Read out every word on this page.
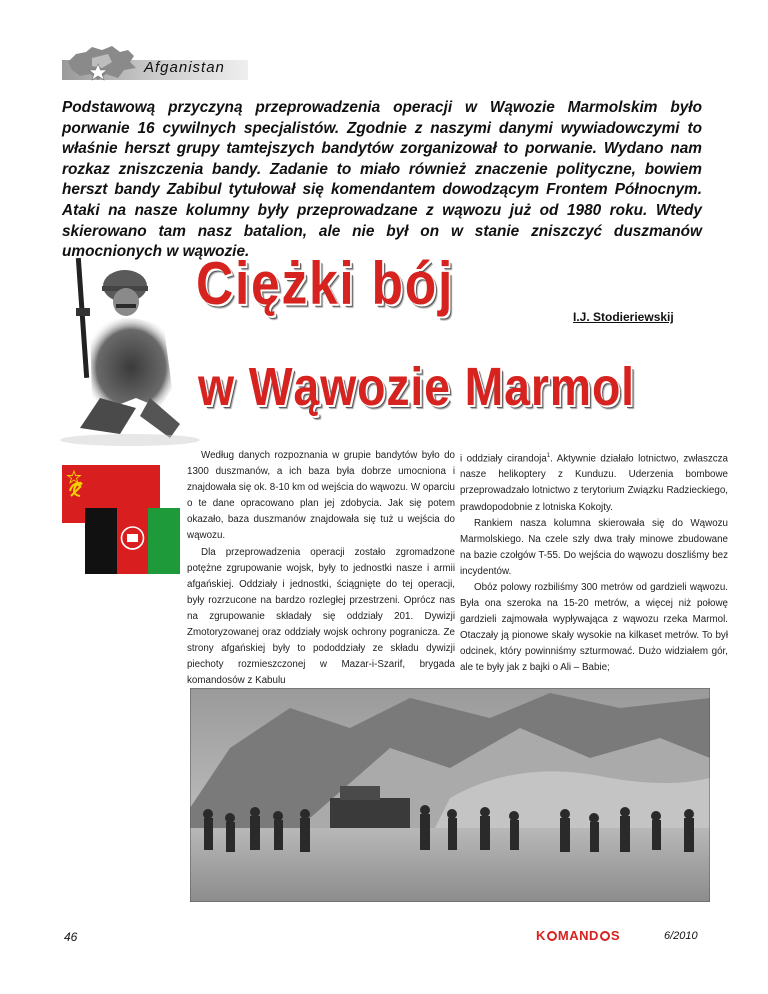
Afganistan
Podstawową przyczyną przeprowadzenia operacji w Wąwozie Marmolskim było porwanie 16 cywilnych specjalistów. Zgodnie z naszymi danymi wywiadowczymi to właśnie herszt grupy tamtejszych bandytów zorganizował to porwanie. Wydano nam rozkaz zniszczenia bandy. Zadanie to miało również znaczenie polityczne, bowiem herszt bandy Zabibul tytułował się komendantem dowodzącym Frontem Północnym. Ataki na nasze kolumny były przeprowadzane z wąwozu już od 1980 roku. Wtedy skierowano tam nasz batalion, ale nie był on w stanie zniszczyć duszmanów umocnionych w wąwozie.
Ciężki bój	I.J. Stodieriewskij
w Wąwozie Marmol

Według danych rozpoznania w grupie bandytów było do 1300 duszmanów, a ich baza była dobrze umocniona i znajdowała się ok. 8-10 km od wejścia do wąwozu. W oparciu o te dane opracowano plan jej zdobycia. Jak się potem okazało, baza duszmanów znajdowała się tuż u wejścia do wąwozu.

Dla przeprowadzenia operacji zostało zgromadzone potężne zgrupowanie wojsk, były to jednostki nasze i armii afgańskiej. Oddziały i jednostki, ściągnięte do tej operacji, były rozrzucone na bardzo rozległej przestrzeni. Oprócz nas na zgrupowanie składały się oddziały 201. Dywizji Zmotoryzowanej oraz oddziały wojsk ochrony pogranicza. Ze strony afgańskiej były to pododdziały ze składu dywizji piechoty rozmieszczonej w Mazar-i-Szarif, brygada komandosów z Kabulu

i oddziały cirandoja$^1$. Aktywnie działało lotnictwo, zwłaszcza nasze helikoptery z Kunduzu. Uderzenia bombowe przeprowadzało lotnictwo z terytorium Związku Radzieckiego, prawdopodobnie z lotniska Kokojty.

Rankiem nasza kolumna skierowała się do Wąwozu Marmolskiego. Na czele szły dwa trały minowe zbudowane na bazie czołgów T-55. Do wejścia do wąwozu doszliśmy bez incydentów.

Obóz polowy rozbiliśmy 300 metrów od gardzieli wąwozu. Była ona szeroka na 15-20 metrów, a więcej niż połowę gardzieli zajmowała wypływająca z wąwozu rzeka Marmol. Otaczały ją pionowe skały wysokie na kilkaset metrów. To był odcinek, który powinniśmy szturmować. Dużo widziałem gór, ale te były jak z bajki o Ali – Babie;

46	K MAND S	6/2010
